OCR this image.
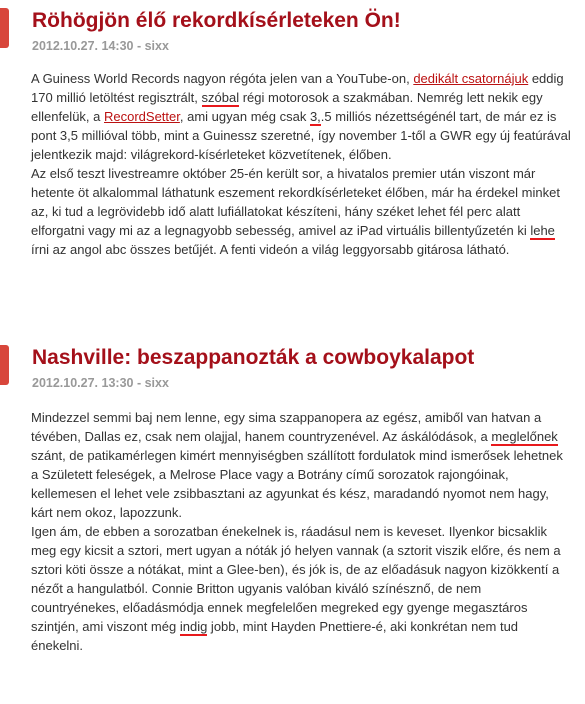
Röhögjön élő rekordkísérleteken Ön!
2012.10.27. 14:30 - sixx

A Guiness World Records nagyon régóta jelen van a YouTube-on, dedikált csatornájuk eddig 170 millió letöltést regisztrált, szóbal régi motorosok a szakmában. Nemrég lett nekik egy ellenfelük, a RecordSetter, ami ugyan még csak 3,.5 milliós nézettségénél tart, de már ez is pont 3,5 millióval több, mint a Guinessz szeretné, így november 1-től a GWR egy új featúrával jelentkezik majd: világrekord-kísérleteket közvetítenek, élőben.

Az első teszt livestreamre október 25-én került sor, a hivatalos premier után viszont már hetente öt alkalommal láthatunk eszement rekordkísérleteket élőben, már ha érdekel minket az, ki tud a legrövidebb idő alatt lufiállatokat készíteni, hány széket lehet fél perc alatt elforgatni vagy mi az a legnagyobb sebesség, amivel az iPad virtuális billentyűzetén ki lehe írni az angol abc összes betűjét. A fenti videón a világ leggyorsabb gitárosa látható.

Nashville: beszappanozták a cowboykalapot
2012.10.27. 13:30 - sixx

Mindezzel semmi baj nem lenne, egy sima szappanopera az egész, amiből van hatvan a tévében, Dallas ez, csak nem olajjal, hanem countryzenével. Az áskálódások, a meglelőnek szánt, de patikamérlegen kimért mennyiségben szállított fordulatok mind ismerősek lehetnek a Született feleségek, a Melrose Place vagy a Botrány című sorozatok rajongóinak, kellemesen el lehet vele zsibbasztani az agyunkat és kész, maradandó nyomot nem hagy, kárt nem okoz, lapozzunk.

Igen ám, de ebben a sorozatban énekelnek is, ráadásul nem is keveset. Ilyenkor bicsaklik meg egy kicsit a sztori, mert ugyan a nóták jó helyen vannak (a sztorit viszik előre, és nem a sztori köti össze a nótákat, mint a Glee-ben), és jók is, de az előadásuk nagyon kizökkentí a nézőt a hangulatból. Connie Britton ugyanis valóban kiváló színésznő, de nem countryénekes, előadásmódja ennek megfelelően megreked egy gyenge megasztáros szintjén, ami viszont még indig jobb, mint Hayden Pnettiere-é, aki konkrétan nem tud énekelni.
